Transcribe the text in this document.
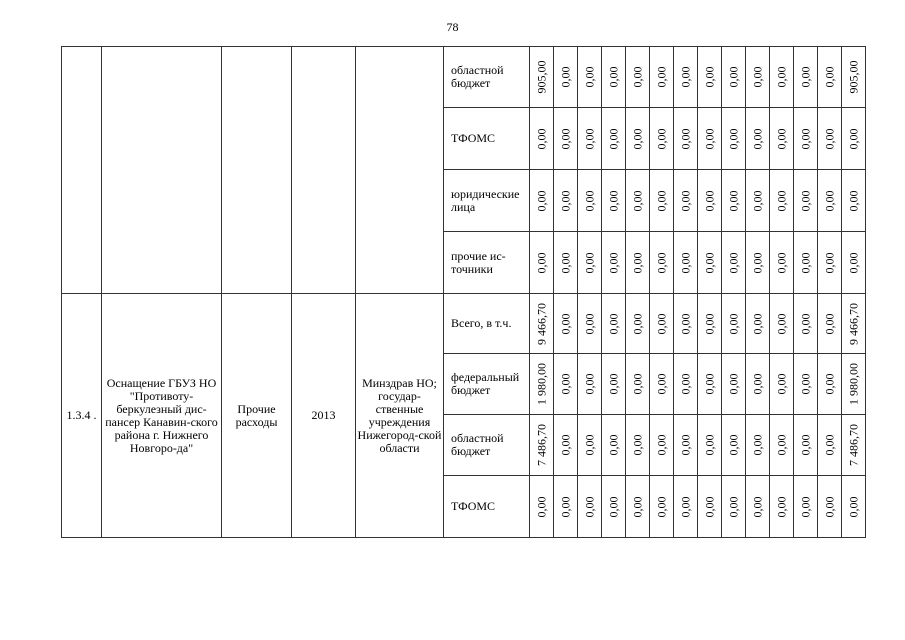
78
					областной бюджет	905,00	0,00	0,00	0,00	0,00	0,00	0,00	0,00	0,00	0,00	0,00	0,00	0,00	905,00

					ТФОМС	0,00	0,00	0,00	0,00	0,00	0,00	0,00	0,00	0,00	0,00	0,00	0,00	0,00	0,00

					юридические лица	0,00	0,00	0,00	0,00	0,00	0,00	0,00	0,00	0,00	0,00	0,00	0,00	0,00	0,00

					прочие ис-точники	0,00	0,00	0,00	0,00	0,00	0,00	0,00	0,00	0,00	0,00	0,00	0,00	0,00	0,00

1.3.4 .	Оснащение ГБУЗ НО "Противоту-беркулезный дис-пансер Канавин-ского района г. Нижнего Новгоро-да"	Прочие расходы	2013	Минздрав НО; государ-ственные учреждения Нижегород-ской области	Всего, в т.ч.	9 466,70	0,00	0,00	0,00	0,00	0,00	0,00	0,00	0,00	0,00	0,00	0,00	0,00	9 466,70

					федеральный бюджет	1 980,00	0,00	0,00	0,00	0,00	0,00	0,00	0,00	0,00	0,00	0,00	0,00	0,00	1 980,00

					областной бюджет	7 486,70	0,00	0,00	0,00	0,00	0,00	0,00	0,00	0,00	0,00	0,00	0,00	0,00	7 486,70

					ТФОМС	0,00	0,00	0,00	0,00	0,00	0,00	0,00	0,00	0,00	0,00	0,00	0,00	0,00	0,00
